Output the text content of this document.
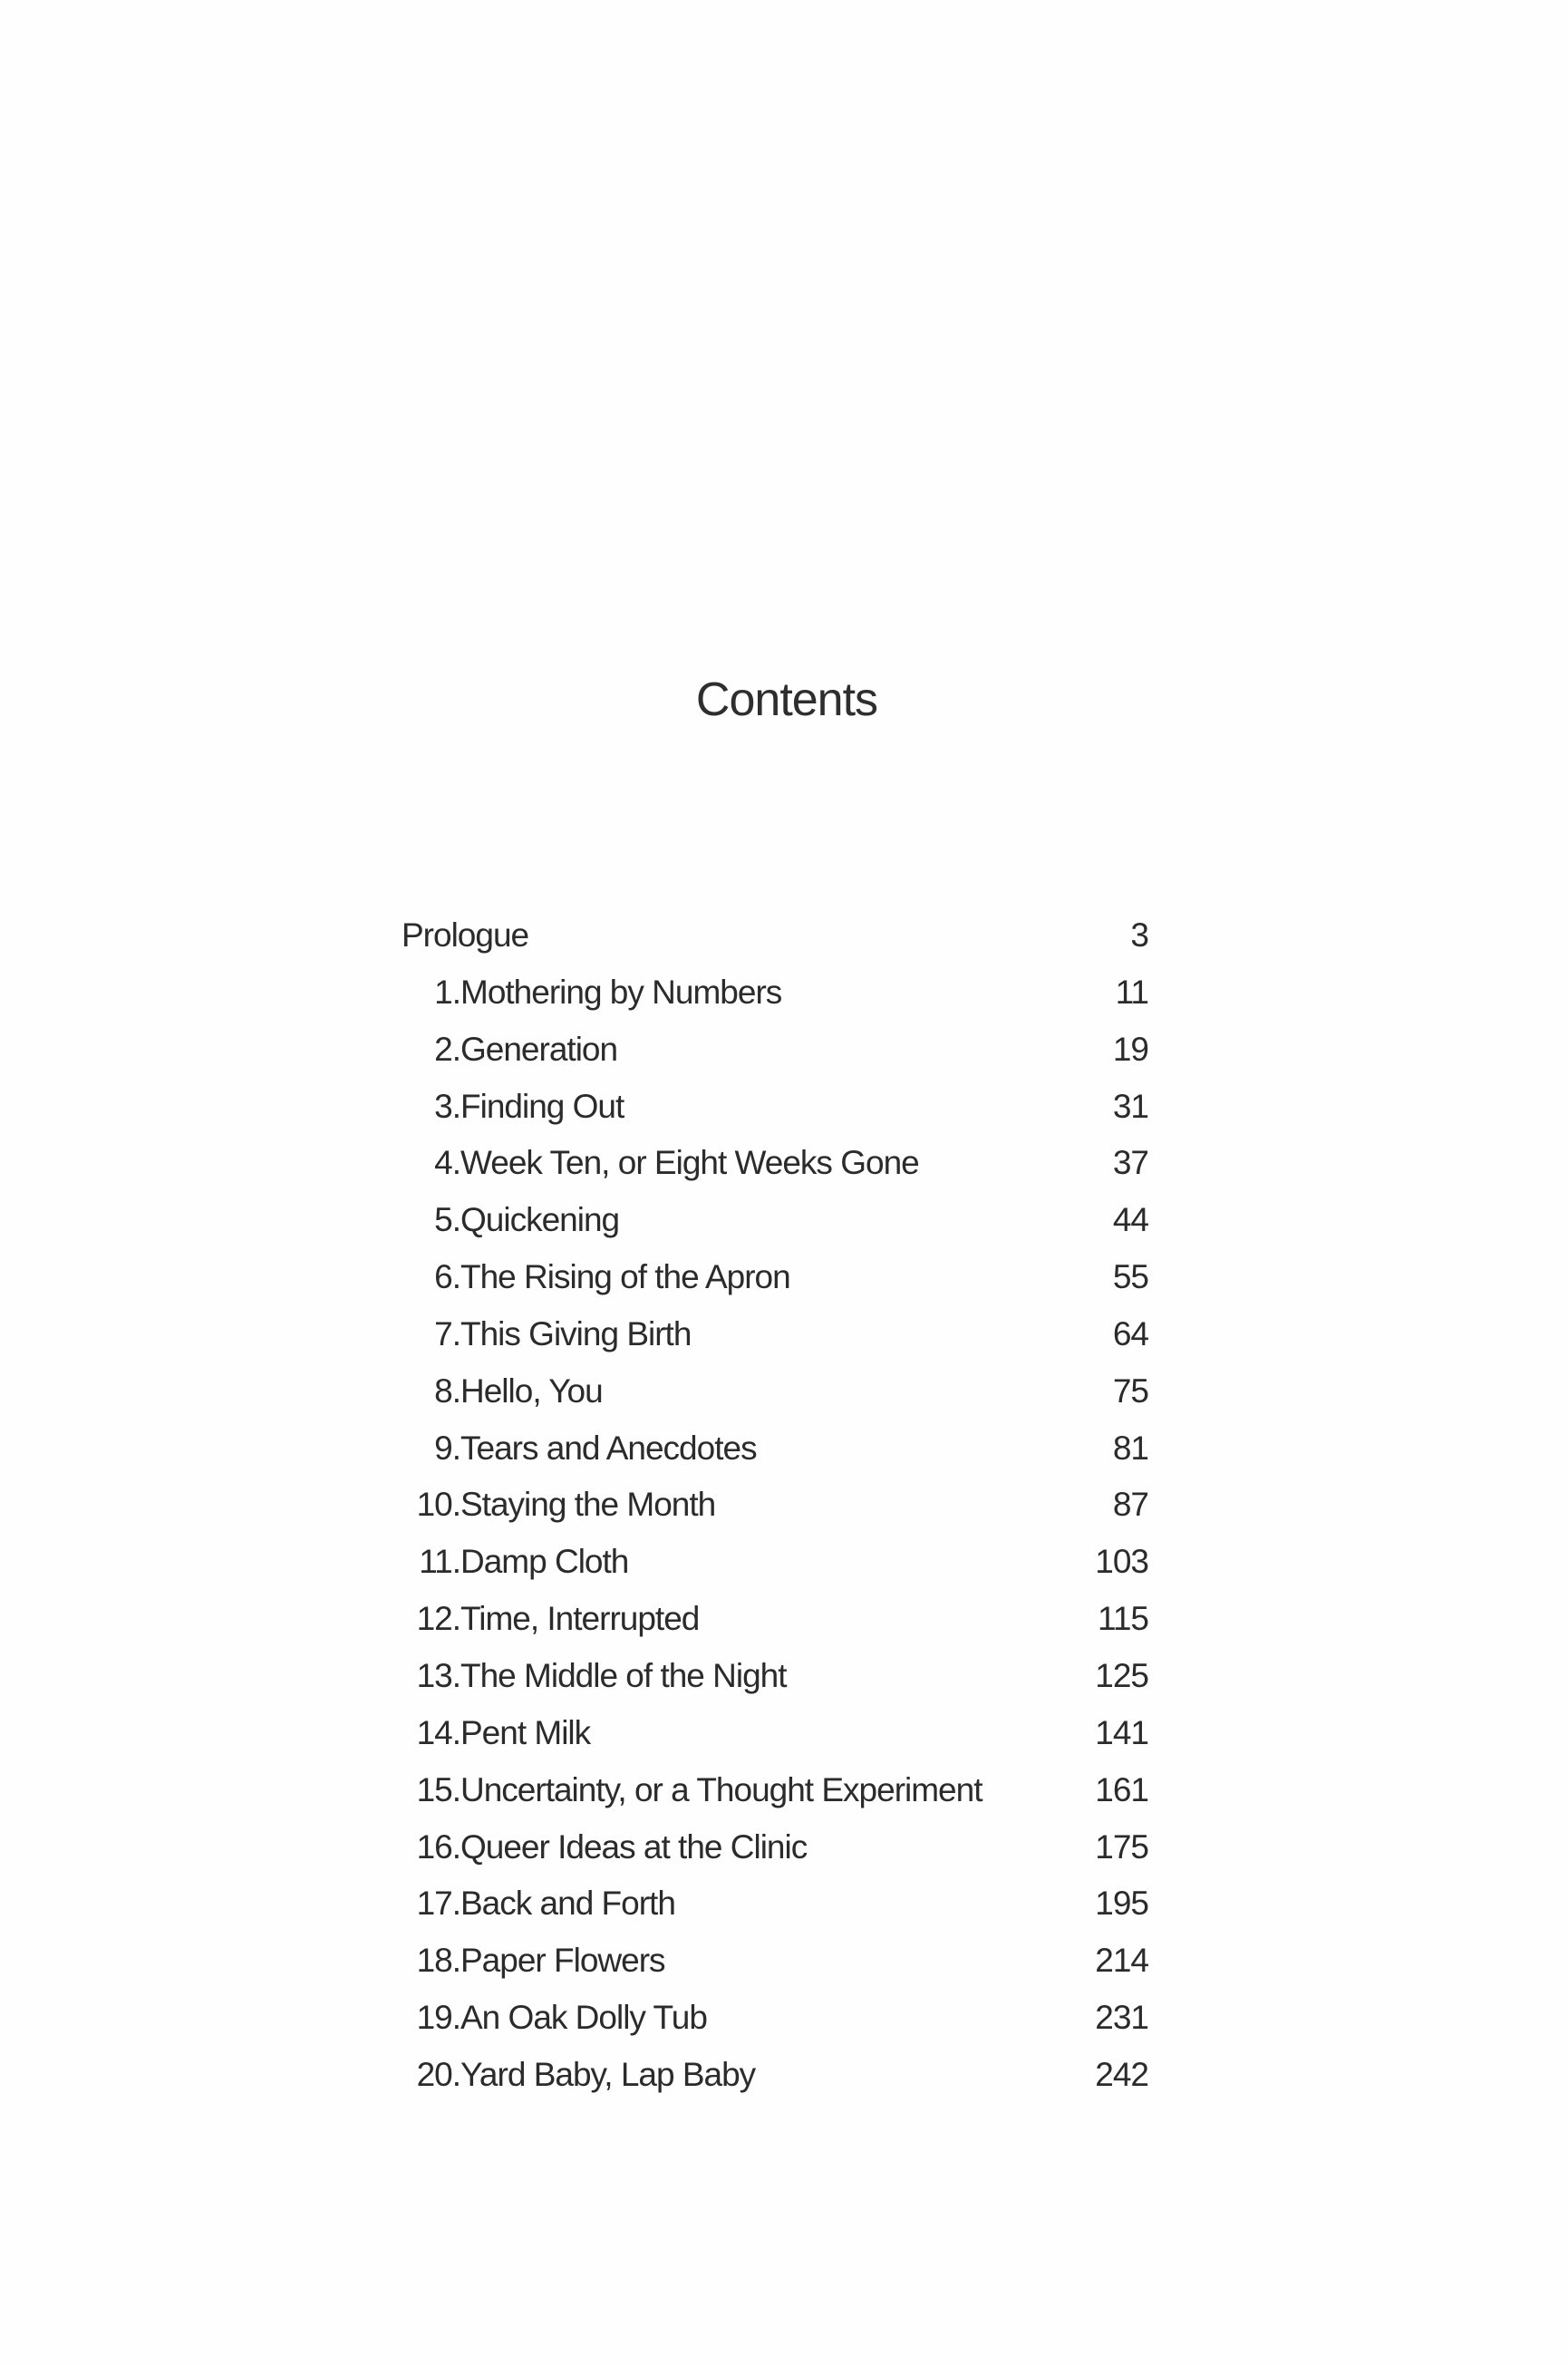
Contents
Prologue	3
1. Mothering by Numbers	11
2. Generation	19
3. Finding Out	31
4. Week Ten, or Eight Weeks Gone	37
5. Quickening	44
6. The Rising of the Apron	55
7. This Giving Birth	64
8. Hello, You	75
9. Tears and Anecdotes	81
10. Staying the Month	87
11. Damp Cloth	103
12. Time, Interrupted	115
13. The Middle of the Night	125
14. Pent Milk	141
15. Uncertainty, or a Thought Experiment	161
16. Queer Ideas at the Clinic	175
17. Back and Forth	195
18. Paper Flowers	214
19. An Oak Dolly Tub	231
20. Yard Baby, Lap Baby	242
